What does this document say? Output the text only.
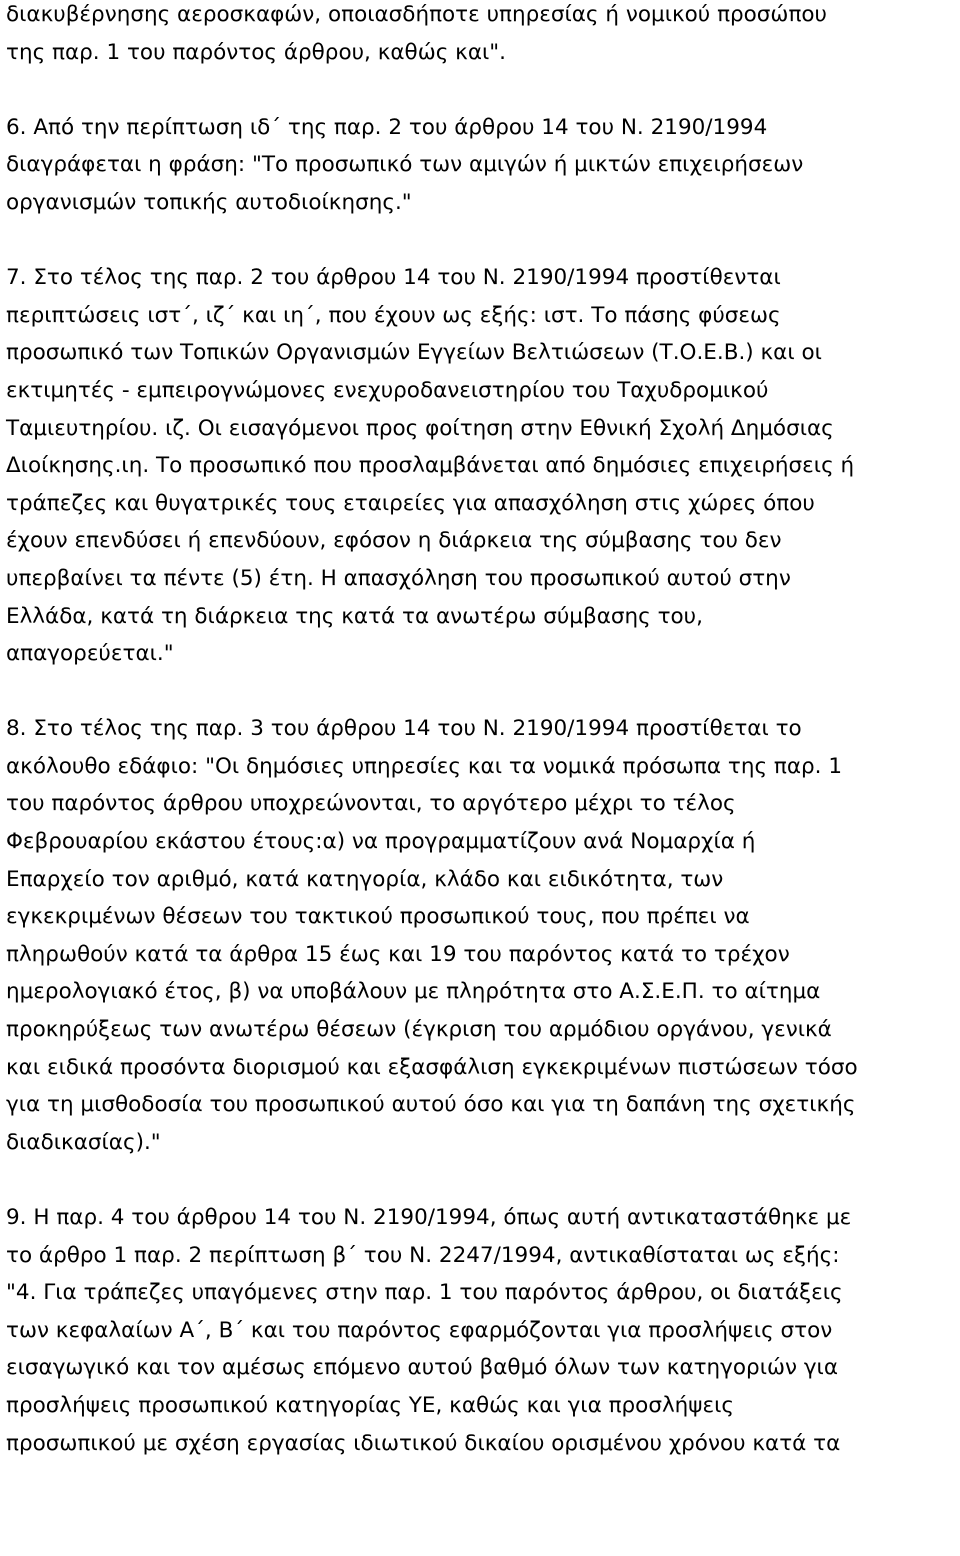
διακυβέρνησης αεροσκαφών, οποιασδήποτε υπηρεσίας ή νομικού προσώπου
της παρ. 1 του παρόντος άρθρου, καθώς και".
6. Από την περίπτωση ιδ΄ της παρ. 2 του άρθρου 14 του Ν. 2190/1994
διαγράφεται η φράση: "Το προσωπικό των αμιγών ή μικτών επιχειρήσεων
οργανισμών τοπικής αυτοδιοίκησης."
7. Στο τέλος της παρ. 2 του άρθρου 14 του Ν. 2190/1994 προστίθενται
περιπτώσεις ιστ΄, ιζ΄ και ιη΄, που έχουν ως εξής: ιστ. Το πάσης φύσεως
προσωπικό των Τοπικών Οργανισμών Εγγείων Βελτιώσεων (Τ.Ο.Ε.Β.) και οι
εκτιμητές - εμπειρογνώμονες ενεχυροδανειστηρίου του Ταχυδρομικού
Ταμιευτηρίου. ιζ. Οι εισαγόμενοι προς φοίτηση στην Εθνική Σχολή Δημόσιας
Διοίκησης.ιη. Το προσωπικό που προσλαμβάνεται από δημόσιες επιχειρήσεις ή
τράπεζες και θυγατρικές τους εταιρείες για απασχόληση στις χώρες όπου
έχουν επενδύσει ή επενδύουν, εφόσον η διάρκεια της σύμβασης του δεν
υπερβαίνει τα πέντε (5) έτη. Η απασχόληση του προσωπικού αυτού στην
Ελλάδα, κατά τη διάρκεια της κατά τα ανωτέρω σύμβασης του,
απαγορεύεται."
8. Στο τέλος της παρ. 3 του άρθρου 14 του Ν. 2190/1994 προστίθεται το
ακόλουθο εδάφιο: "Οι δημόσιες υπηρεσίες και τα νομικά πρόσωπα της παρ. 1
του παρόντος άρθρου υποχρεώνονται, το αργότερο μέχρι το τέλος
Φεβρουαρίου εκάστου έτους:α) να προγραμματίζουν ανά Νομαρχία ή
Επαρχείο τον αριθμό, κατά κατηγορία, κλάδο και ειδικότητα, των
εγκεκριμένων θέσεων του τακτικού προσωπικού τους, που πρέπει να
πληρωθούν κατά τα άρθρα 15 έως και 19 του παρόντος κατά το τρέχον
ημερολογιακό έτος, β) να υποβάλουν με πληρότητα στο Α.Σ.Ε.Π. το αίτημα
προκηρύξεως των ανωτέρω θέσεων (έγκριση του αρμόδιου οργάνου, γενικά
και ειδικά προσόντα διορισμού και εξασφάλιση εγκεκριμένων πιστώσεων τόσο
για τη μισθοδοσία του προσωπικού αυτού όσο και για τη δαπάνη της σχετικής
διαδικασίας)."
9. Η παρ. 4 του άρθρου 14 του Ν. 2190/1994, όπως αυτή αντικαταστάθηκε με
το άρθρο 1 παρ. 2 περίπτωση β΄ του Ν. 2247/1994, αντικαθίσταται ως εξής:
"4. Για τράπεζες υπαγόμενες στην παρ. 1 του παρόντος άρθρου, οι διατάξεις
των κεφαλαίων Α΄, Β΄ και του παρόντος εφαρμόζονται για προσλήψεις στον
εισαγωγικό και τον αμέσως επόμενο αυτού βαθμό όλων των κατηγοριών για
προσλήψεις προσωπικού κατηγορίας ΥΕ, καθώς και για προσλήψεις
προσωπικού με σχέση εργασίας ιδιωτικού δικαίου ορισμένου χρόνου κατά τα
